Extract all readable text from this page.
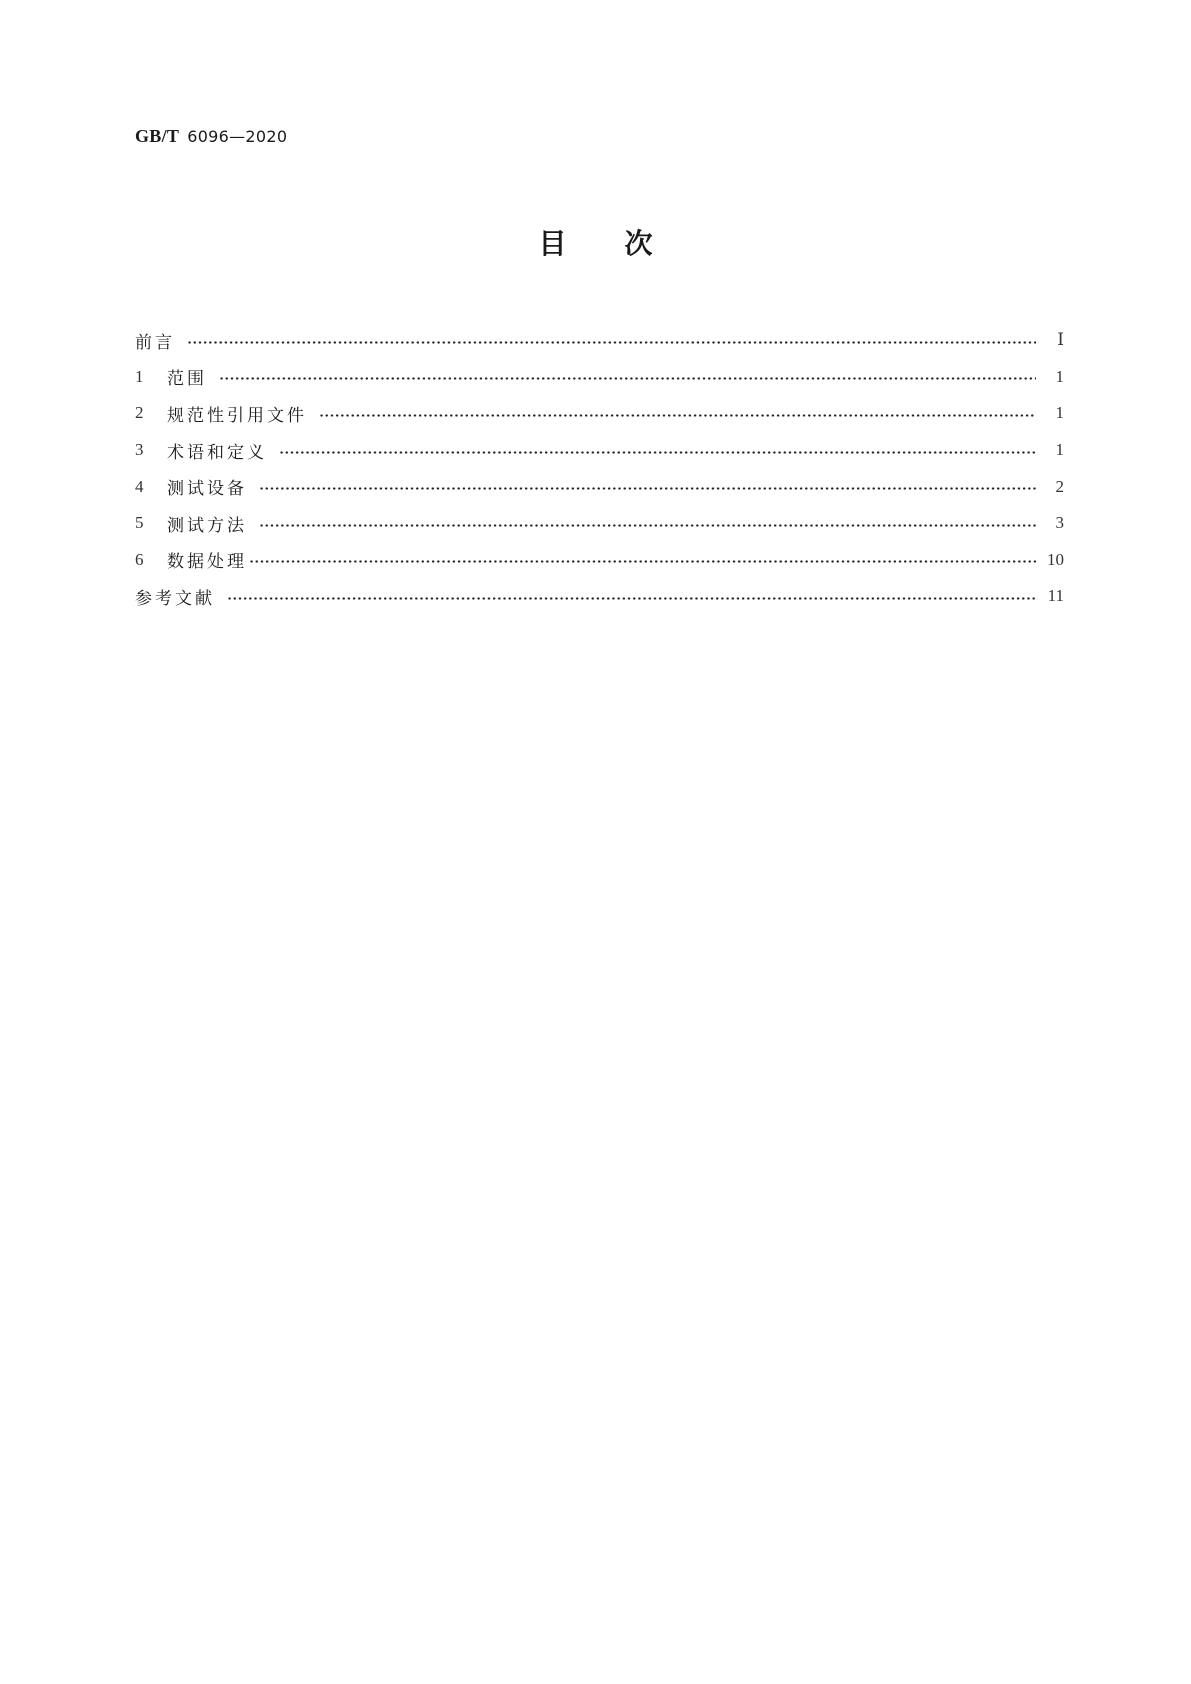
GB/T 6096—2020
目次
前言	Ⅰ
1	范围	1
2	规范性引用文件	1
3	术语和定义	1
4	测试设备	2
5	测试方法	3
6	数据处理	10
参考文献	11
